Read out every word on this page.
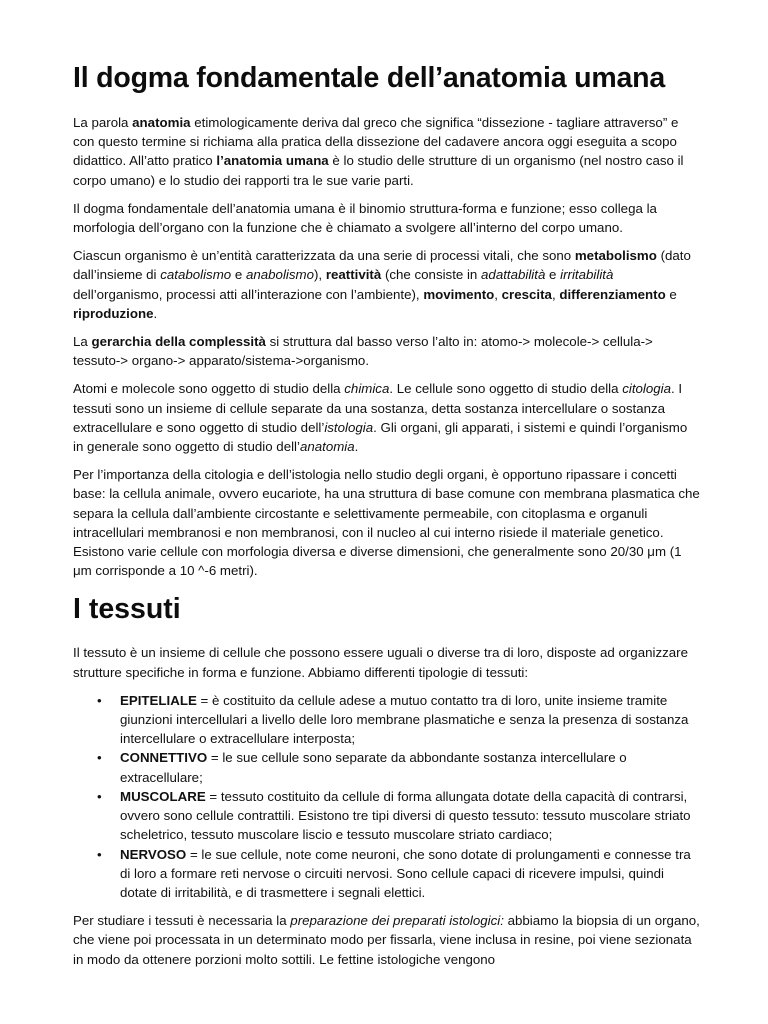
Il dogma fondamentale dell’anatomia umana

La parola anatomia etimologicamente deriva dal greco che significa “dissezione - tagliare attraverso” e con questo termine si richiama alla pratica della dissezione del cadavere ancora oggi eseguita a scopo didattico. All’atto pratico l’anatomia umana è lo studio delle strutture di un organismo (nel nostro caso il corpo umano) e lo studio dei rapporti tra le sue varie parti.

Il dogma fondamentale dell’anatomia umana è il binomio struttura-forma e funzione; esso collega la morfologia dell’organo con la funzione che è chiamato a svolgere all’interno del corpo umano.

Ciascun organismo è un’entità caratterizzata da una serie di processi vitali, che sono metabolismo (dato dall’insieme di catabolismo e anabolismo), reattività (che consiste in adattabilità e irritabilità dell’organismo, processi atti all’interazione con l’ambiente), movimento, crescita, differenziamento e riproduzione.

La gerarchia della complessità si struttura dal basso verso l’alto in: atomo-> molecole-> cellula-> tessuto-> organo-> apparato/sistema->organismo.

Atomi e molecole sono oggetto di studio della chimica. Le cellule sono oggetto di studio della citologia. I tessuti sono un insieme di cellule separate da una sostanza, detta sostanza intercellulare o sostanza extracellulare e sono oggetto di studio dell’istologia. Gli organi, gli apparati, i sistemi e quindi l’organismo in generale sono oggetto di studio dell’anatomia.

Per l’importanza della citologia e dell’istologia nello studio degli organi, è opportuno ripassare i concetti base: la cellula animale, ovvero eucariote, ha una struttura di base comune con membrana plasmatica che separa la cellula dall’ambiente circostante e selettivamente permeabile, con citoplasma e organuli intracellulari membranosi e non membranosi, con il nucleo al cui interno risiede il materiale genetico. Esistono varie cellule con morfologia diversa e diverse dimensioni, che generalmente sono 20/30 μm (1 μm corrisponde a 10 ^-6 metri).

I tessuti

Il tessuto è un insieme di cellule che possono essere uguali o diverse tra di loro, disposte ad organizzare strutture specifiche in forma e funzione. Abbiamo differenti tipologie di tessuti:

• EPITELIALE = è costituito da cellule adese a mutuo contatto tra di loro, unite insieme tramite giunzioni intercellulari a livello delle loro membrane plasmatiche e senza la presenza di sostanza intercellulare o extracellulare interposta;
• CONNETTIVO = le sue cellule sono separate da abbondante sostanza intercellulare o extracellulare;
• MUSCOLARE = tessuto costituito da cellule di forma allungata dotate della capacità di contrarsi, ovvero sono cellule contrattili. Esistono tre tipi diversi di questo tessuto: tessuto muscolare striato scheletrico, tessuto muscolare liscio e tessuto muscolare striato cardiaco;
• NERVOSO = le sue cellule, note come neuroni, che sono dotate di prolungamenti e connesse tra di loro a formare reti nervose o circuiti nervosi. Sono cellule capaci di ricevere impulsi, quindi dotate di irritabilità, e di trasmettere i segnali elettici.

Per studiare i tessuti è necessaria la preparazione dei preparati istologici: abbiamo la biopsia di un organo, che viene poi processata in un determinato modo per fissarla, viene inclusa in resine, poi viene sezionata in modo da ottenere porzioni molto sottili. Le fettine istologiche vengono
